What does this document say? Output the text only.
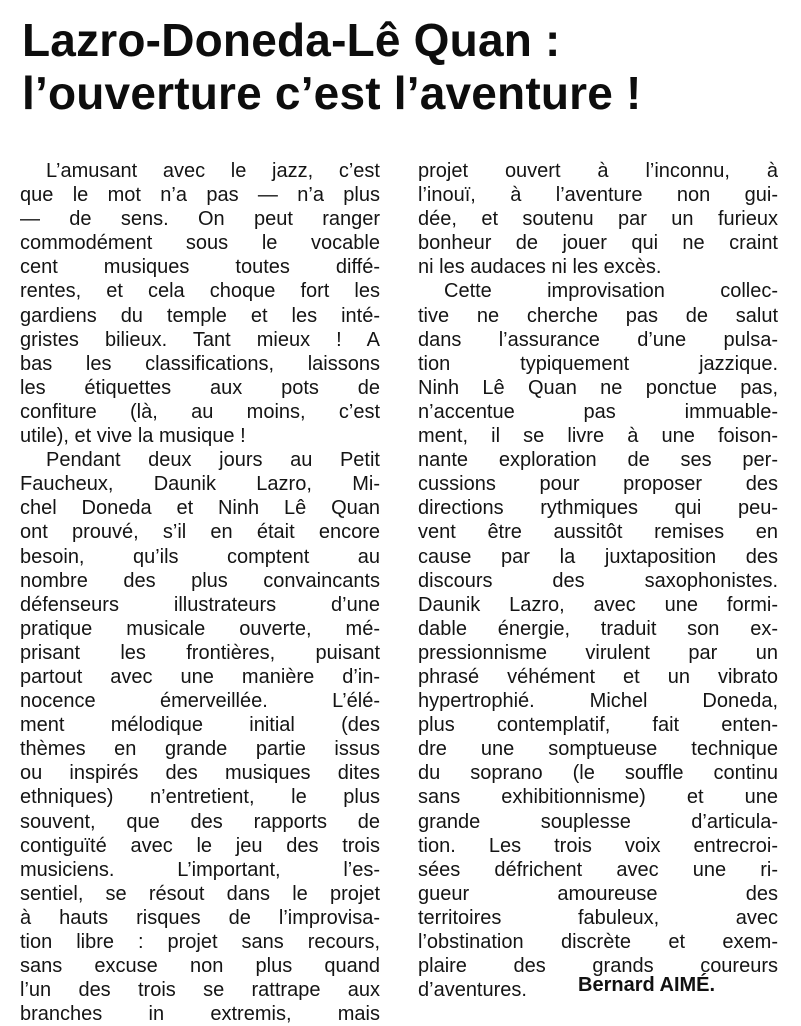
Lazro-Doneda-Lê Quan :
l’ouverture c’est l’aventure !

L’amusant avec le jazz, c’est
que le mot n’a pas — n’a plus
— de sens. On peut ranger
commodément sous le vocable
cent musiques toutes diffé-
rentes, et cela choque fort les
gardiens du temple et les inté-
gristes bilieux. Tant mieux ! A
bas les classifications, laissons
les étiquettes aux pots de
confiture (là, au moins, c’est
utile), et vive la musique !

Pendant deux jours au Petit
Faucheux, Daunik Lazro, Mi-
chel Doneda et Ninh Lê Quan
ont prouvé, s’il en était encore
besoin, qu’ils comptent au
nombre des plus convaincants
défenseurs illustrateurs d’une
pratique musicale ouverte, mé-
prisant les frontières, puisant
partout avec une manière d’in-
nocence émerveillée. L’élé-
ment mélodique initial (des
thèmes en grande partie issus
ou inspirés des musiques dites
ethniques) n’entretient, le plus
souvent, que des rapports de
contiguïté avec le jeu des trois
musiciens. L’important, l’es-
sentiel, se résout dans le projet
à hauts risques de l’improvisa-
tion libre : projet sans recours,
sans excuse non plus quand
l’un des trois se rattrape aux
branches in extremis, mais

projet ouvert à l’inconnu, à
l’inouï, à l’aventure non gui-
dée, et soutenu par un furieux
bonheur de jouer qui ne craint
ni les audaces ni les excès.

Cette improvisation collec-
tive ne cherche pas de salut
dans l’assurance d’une pulsa-
tion typiquement jazzique.
Ninh Lê Quan ne ponctue pas,
n’accentue pas immuable-
ment, il se livre à une foison-
nante exploration de ses per-
cussions pour proposer des
directions rythmiques qui peu-
vent être aussitôt remises en
cause par la juxtaposition des
discours des saxophonistes.
Daunik Lazro, avec une formi-
dable énergie, traduit son ex-
pressionnisme virulent par un
phrasé véhément et un vibrato
hypertrophié. Michel Doneda,
plus contemplatif, fait enten-
dre une somptueuse technique
du soprano (le souffle continu
sans exhibitionnisme) et une
grande souplesse d’articula-
tion. Les trois voix entrecroi-
sées défrichent avec une ri-
gueur amoureuse des
territoires fabuleux, avec
l’obstination discrète et exem-
plaire des grands coureurs
d’aventures.	Bernard AIMÉ.
